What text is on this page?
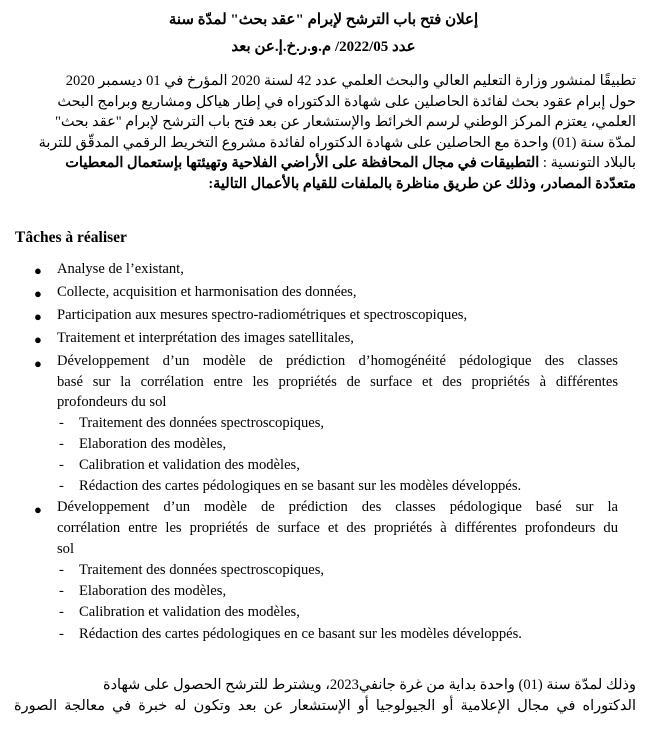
إعلان فتح باب الترشح لإبرام "عقد بحث" لمدّة سنة
عدد 2022/05/ م.و.ر.خ.إ.عن بعد
تطبيقًا لمنشور وزارة التعليم العالي والبحث العلمي عدد 42 لسنة 2020 المؤرخ في 01 ديسمبر 2020
حول إبرام عقود بحث لفائدة الحاصلين على شهادة الدكتوراه في إطار هياكل ومشاريع وبرامج البحث
العلمي، يعتزم المركز الوطني لرسم الخرائط والإستشعار عن بعد فتح باب الترشح لإبرام "عقد بحث"
لمدّة سنة (01) واحدة مع الحاصلين على شهادة الدكتوراه لفائدة مشروع التخريط الرقمي المدقّق للتربة
بالبلاد التونسية : التطبيقات في مجال المحافظة على الأراضي الفلاحية وتهيئتها بإستعمال المعطيات
متعدّدة المصادر، وذلك عن طريق مناظرة بالملفات للقيام بالأعمال التالية:
Tâches à réaliser
● Analyse de l’existant,
● Collecte, acquisition et harmonisation des données,
● Participation aux mesures spectro-radiométriques et spectroscopiques,
● Traitement et interprétation des images satellitales,
● Développement d’un modèle de prédiction d’homogénéité pédologique des classes
basé sur la corrélation entre les propriétés de surface et des propriétés à différentes
profondeurs du sol
- Traitement des données spectroscopiques,
- Elaboration des modèles,
- Calibration et validation des modèles,
- Rédaction des cartes pédologiques en se basant sur les modèles développés.
● Développement d’un modèle de prédiction des classes pédologique basé sur la
corrélation entre les propriétés de surface et des propriétés à différentes profondeurs du
sol
- Traitement des données spectroscopiques,
- Elaboration des modèles,
- Calibration et validation des modèles,
- Rédaction des cartes pédologiques en ce basant sur les modèles développés.
وذلك لمدّة سنة (01) واحدة بداية من غرة جانفي2023، ويشترط للترشح الحصول على شهادة
الدكتوراه في مجال الإعلامية أو الجيولوجيا أو الإستشعار عن بعد وتكون له خبرة في معالجة الصورة
